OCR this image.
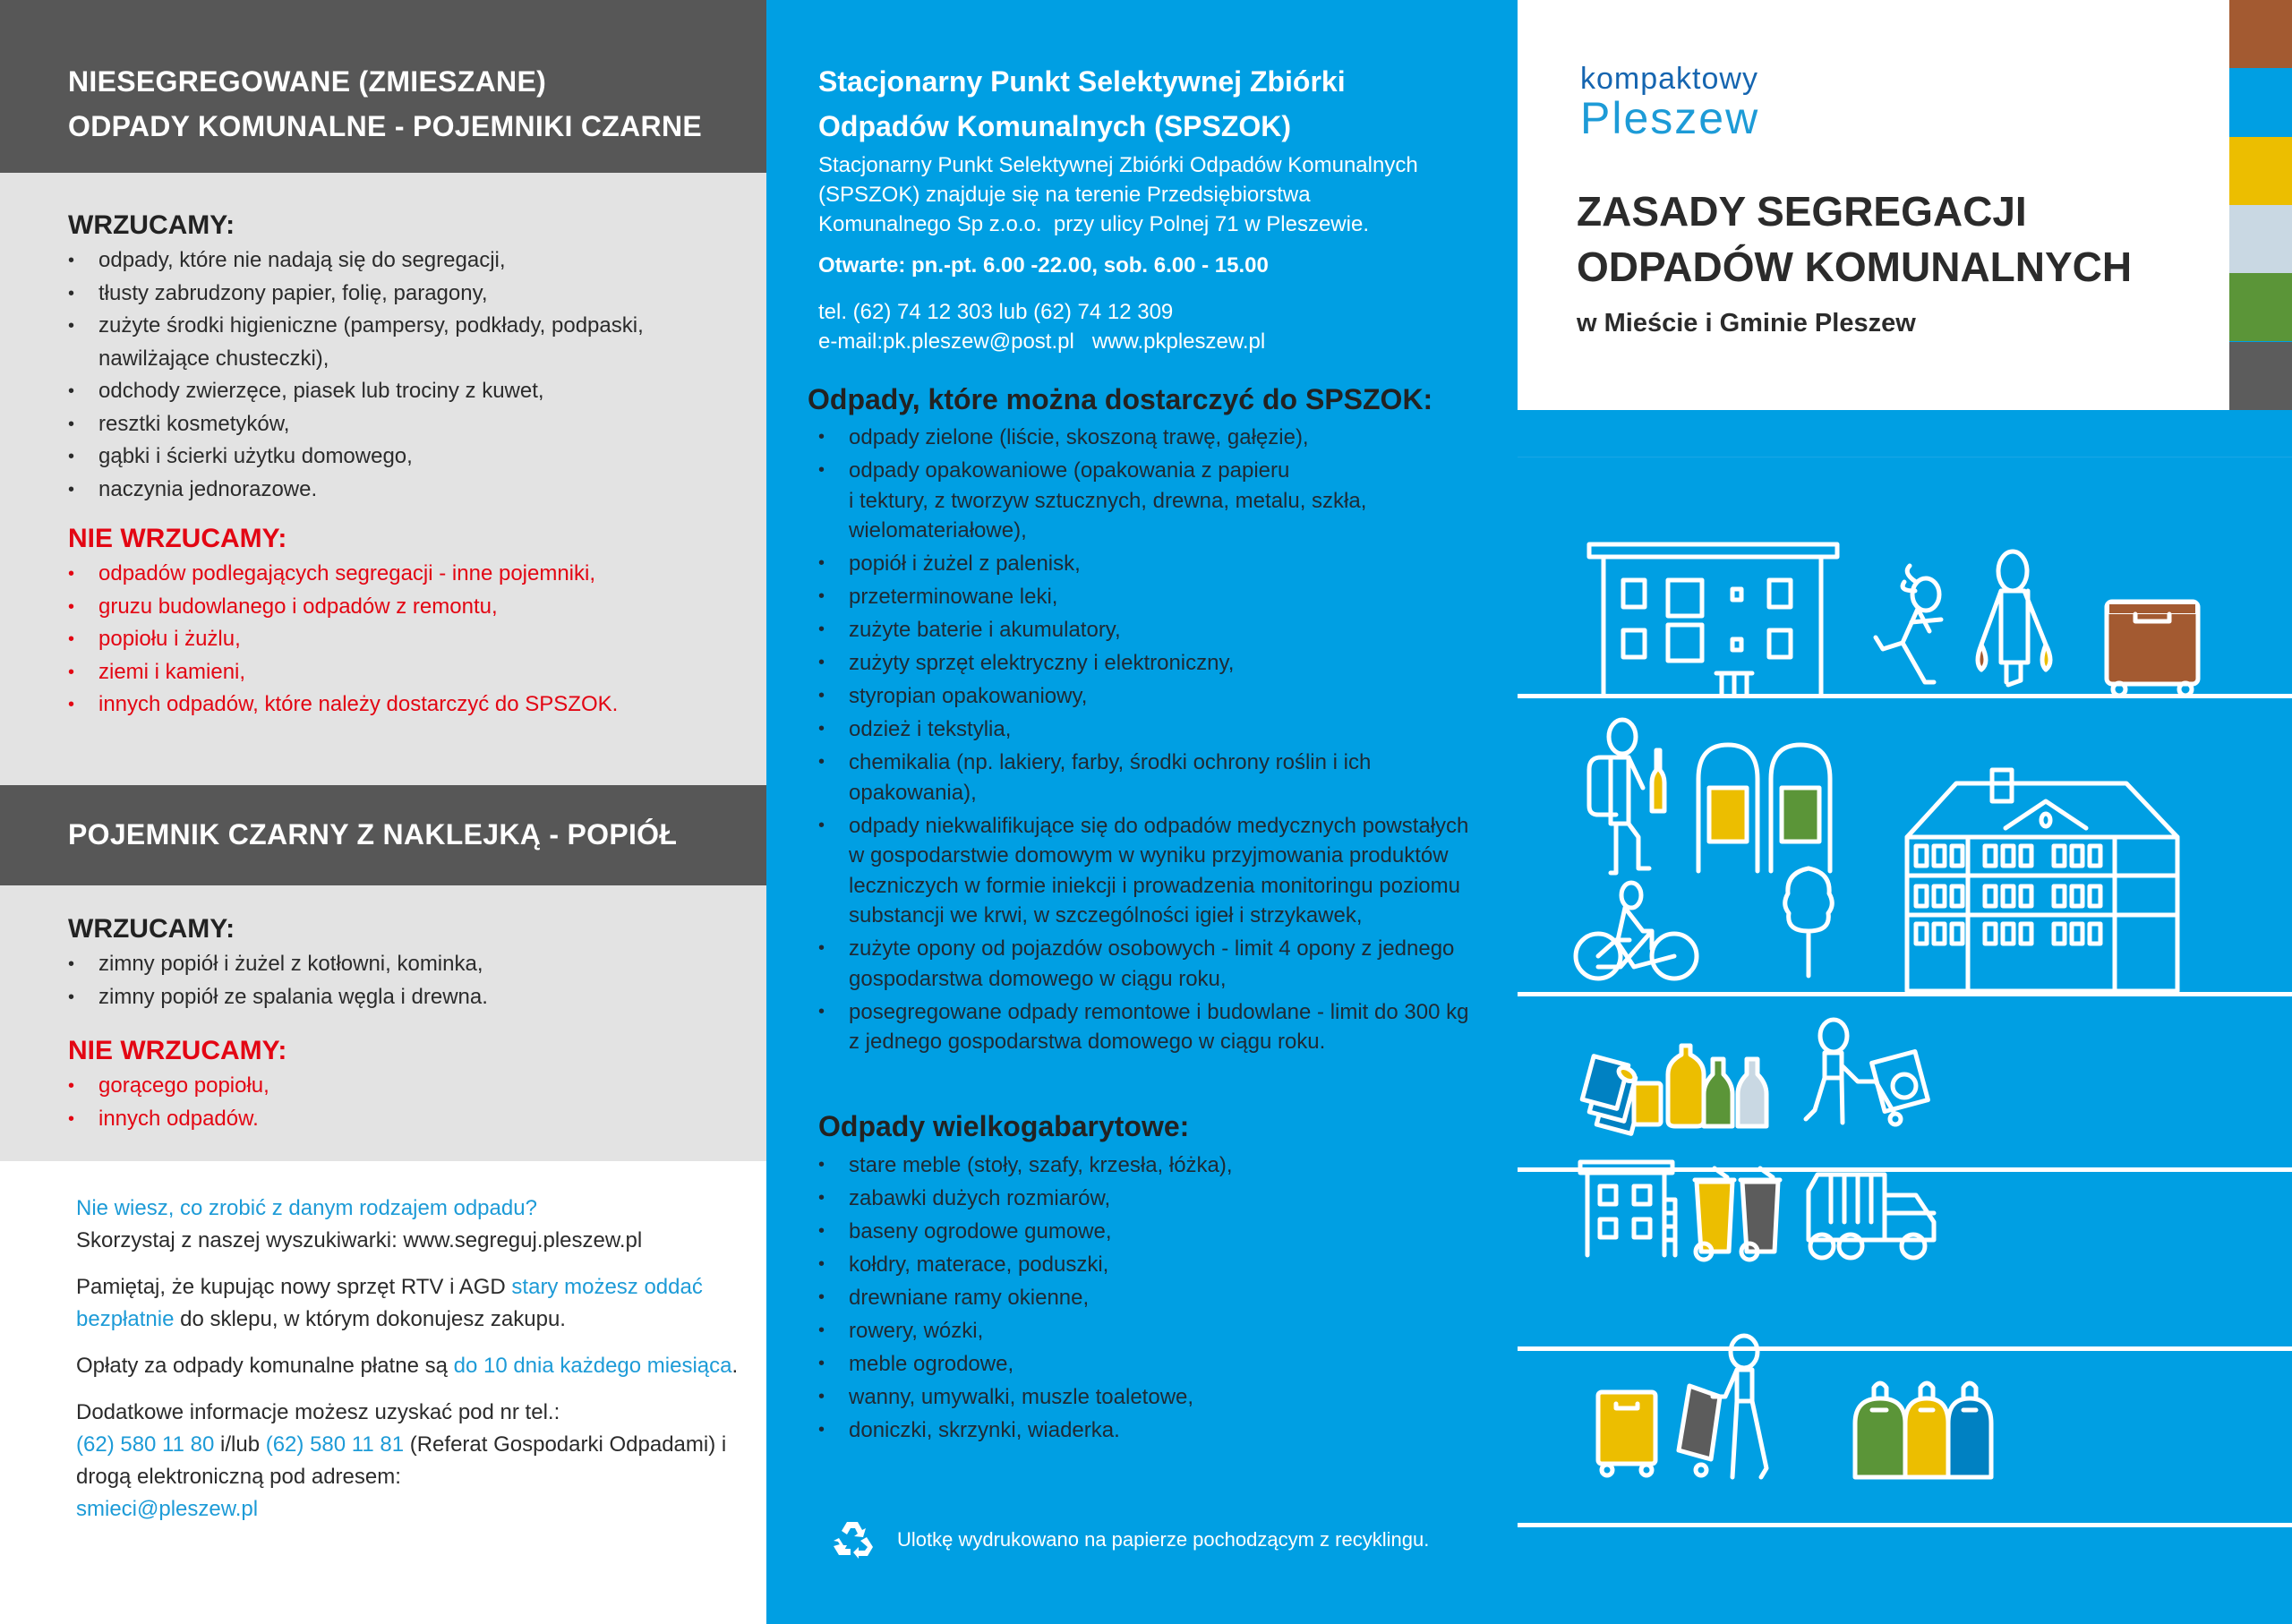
NIESEGREGOWANE (ZMIESZANE)
ODPADY KOMUNALNE - POJEMNIKI CZARNE
WRZUCAMY:
• odpady, które nie nadają się do segregacji,
• tłusty zabrudzony papier, folię, paragony,
• zużyte środki higieniczne (pampersy, podkłady, podpaski, nawilżające chusteczki),
• odchody zwierzęce, piasek lub trociny z kuwet,
• resztki kosmetyków,
• gąbki i ścierki użytku domowego,
• naczynia jednorazowe.
NIE WRZUCAMY:
• odpadów podlegających segregacji - inne pojemniki,
• gruzu budowlanego i odpadów z remontu,
• popiołu i żużlu,
• ziemi i kamieni,
• innych odpadów, które należy dostarczyć do SPSZOK.
POJEMNIK CZARNY Z NAKLEJKĄ - POPIÓŁ
WRZUCAMY:
• zimny popiół i żużel z kotłowni, kominka,
• zimny popiół ze spalania węgla i drewna.
NIE WRZUCAMY:
• gorącego popiołu,
• innych odpadów.

Nie wiesz, co zrobić z danym rodzajem odpadu?
Skorzystaj z naszej wyszukiwarki: www.segreguj.pleszew.pl

Pamiętaj, że kupując nowy sprzęt RTV i AGD stary możesz oddać bezpłatnie do sklepu, w którym dokonujesz zakupu.

Opłaty za odpady komunalne płatne są do 10 dnia każdego miesiąca.

Dodatkowe informacje możesz uzyskać pod nr tel.:
(62) 580 11 80 i/lub (62) 580 11 81 (Referat Gospodarki Odpadami) i drogą elektroniczną pod adresem:
smieci@pleszew.pl

Stacjonarny Punkt Selektywnej Zbiórki
Odpadów Komunalnych (SPSZOK)
Stacjonarny Punkt Selektywnej Zbiórki Odpadów Komunalnych
(SPSZOK) znajduje się na terenie Przedsiębiorstwa
Komunalnego Sp z.o.o.  przy ulicy Polnej 71 w Pleszewie.
Otwarte: pn.-pt. 6.00 -22.00, sob. 6.00 - 15.00
tel. (62) 74 12 303 lub (62) 74 12 309
e-mail:pk.pleszew@post.pl   www.pkpleszew.pl
Odpady, które można dostarczyć do SPSZOK:
• odpady zielone (liście, skoszoną trawę, gałęzie),
• odpady opakowaniowe (opakowania z papieru
i tektury, z tworzyw sztucznych, drewna, metalu, szkła, wielomateriałowe),
• popiół i żużel z palenisk,
• przeterminowane leki,
• zużyte baterie i akumulatory,
• zużyty sprzęt elektryczny i elektroniczny,
• styropian opakowaniowy,
• odzież i tekstylia,
• chemikalia (np. lakiery, farby, środki ochrony roślin i ich opakowania),
• odpady niekwalifikujące się do odpadów medycznych powstałych w gospodarstwie domowym w wyniku przyjmowania produktów leczniczych w formie iniekcji i prowadzenia monitoringu poziomu substancji we krwi, w szczególności igieł i strzykawek,
• zużyte opony od pojazdów osobowych - limit 4 opony z jednego gospodarstwa domowego w ciągu roku,
• posegregowane odpady remontowe i budowlane - limit do 300 kg z jednego gospodarstwa domowego w ciągu roku.
Odpady wielkogabarytowe:
• stare meble (stoły, szafy, krzesła, łóżka),
• zabawki dużych rozmiarów,
• baseny ogrodowe gumowe,
• kołdry, materace, poduszki,
• drewniane ramy okienne,
• rowery, wózki,
• meble ogrodowe,
• wanny, umywalki, muszle toaletowe,
• doniczki, skrzynki, wiaderka.
Ulotkę wydrukowano na papierze pochodzącym z recyklingu.
kompaktowy
Pleszew
ZASADY SEGREGACJI
ODPADÓW KOMUNALNYCH
w Mieście i Gminie Pleszew
